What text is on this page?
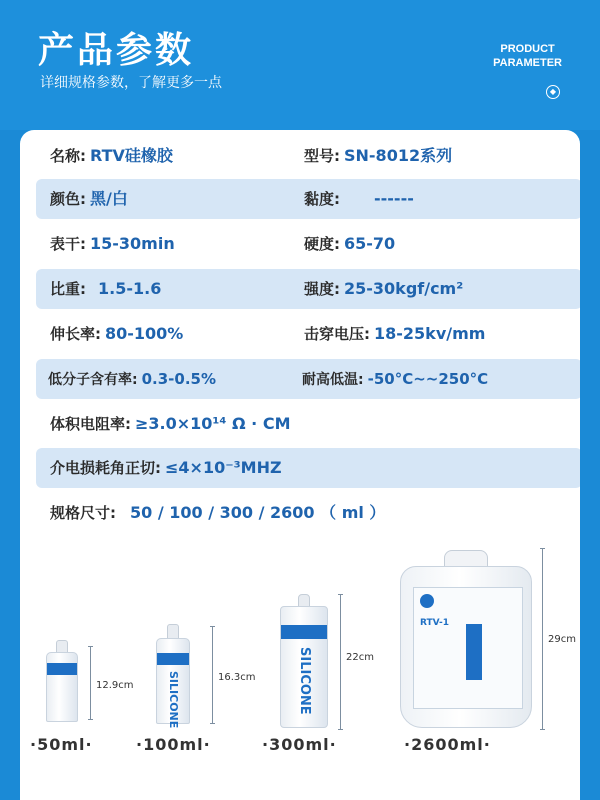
产品参数
详细规格参数，了解更多一点
PRODUCT
PARAMETER
◆
名称: RTV硅橡胶	型号: SN-8012系列
颜色: 黑/白	黏度: ------
表干: 15-30min	硬度: 65-70
比重: 1.5-1.6	强度: 25-30kgf/cm²
伸长率: 80-100%	击穿电压: 18-25kv/mm
低分子含有率: 0.3-0.5%	耐高低温: -50°C~~250°C
体积电阻率: ≥3.0×10¹⁴ Ω · CM
介电损耗角正切: ≤4×10⁻³MHZ
规格尺寸: 50 / 100 / 300 / 2600 （ ml ）
12.9cm
·50ml·
SILICONE	16.3cm
·100ml·
SILICONE	22cm
·300ml·
RTV-1
29cm
·2600ml·
